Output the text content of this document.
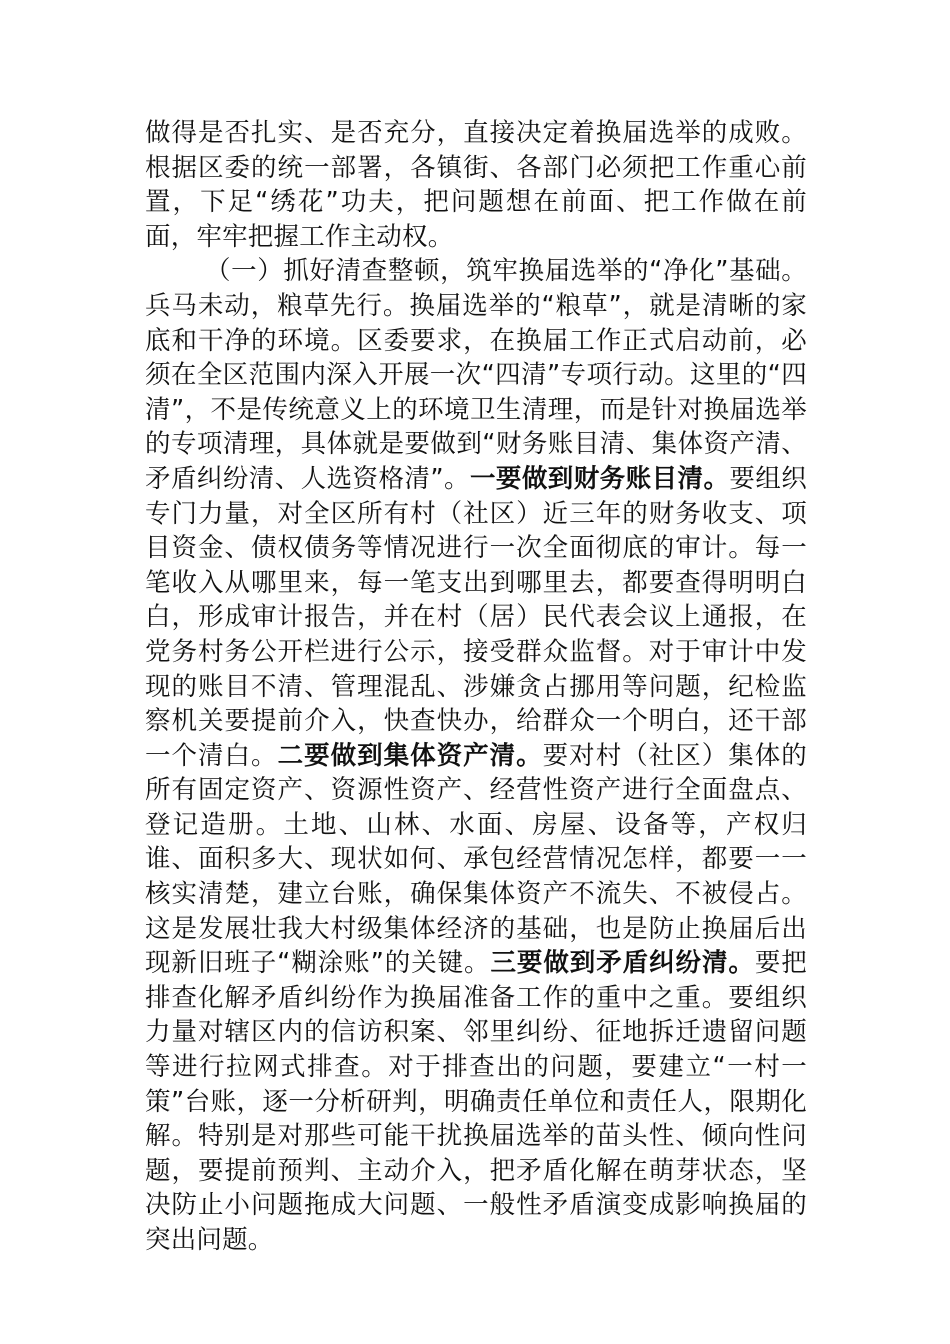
做得是否扎实、是否充分，直接决定着换届选举的成败。根据区委的统一部署，各镇街、各部门必须把工作重心前置，下足“绣花”功夫，把问题想在前面、把工作做在前面，牢牢把握工作主动权。

（一）抓好清查整顿，筑牢换届选举的“净化”基础。兵马未动，粮草先行。换届选举的“粮草”，就是清晰的家底和干净的环境。区委要求，在换届工作正式启动前，必须在全区范围内深入开展一次“四清”专项行动。这里的“四清”，不是传统意义上的环境卫生清理，而是针对换届选举的专项清理，具体就是要做到“财务账目清、集体资产清、矛盾纠纷清、人选资格清”。一要做到财务账目清。要组织专门力量，对全区所有村（社区）近三年的财务收支、项目资金、债权债务等情况进行一次全面彻底的审计。每一笔收入从哪里来，每一笔支出到哪里去，都要查得明明白白，形成审计报告，并在村（居）民代表会议上通报，在党务村务公开栏进行公示，接受群众监督。对于审计中发现的账目不清、管理混乱、涉嫌贪占挪用等问题，纪检监察机关要提前介入，快查快办，给群众一个明白，还干部一个清白。二要做到集体资产清。要对村（社区）集体的所有固定资产、资源性资产、经营性资产进行全面盘点、登记造册。土地、山林、水面、房屋、设备等，产权归谁、面积多大、现状如何、承包经营情况怎样，都要一一核实清楚，建立台账，确保集体资产不流失、不被侵占。这是发展壮我大村级集体经济的基础，也是防止换届后出现新旧班子“糊涂账”的关键。三要做到矛盾纠纷清。要把排查化解矛盾纠纷作为换届准备工作的重中之重。要组织力量对辖区内的信访积案、邻里纠纷、征地拆迁遗留问题等进行拉网式排查。对于排查出的问题，要建立“一村一策”台账，逐一分析研判，明确责任单位和责任人，限期化解。特别是对那些可能干扰换届选举的苗头性、倾向性问题，要提前预判、主动介入，把矛盾化解在萌芽状态，坚决防止小问题拖成大问题、一般性矛盾演变成影响换届的突出问题。
